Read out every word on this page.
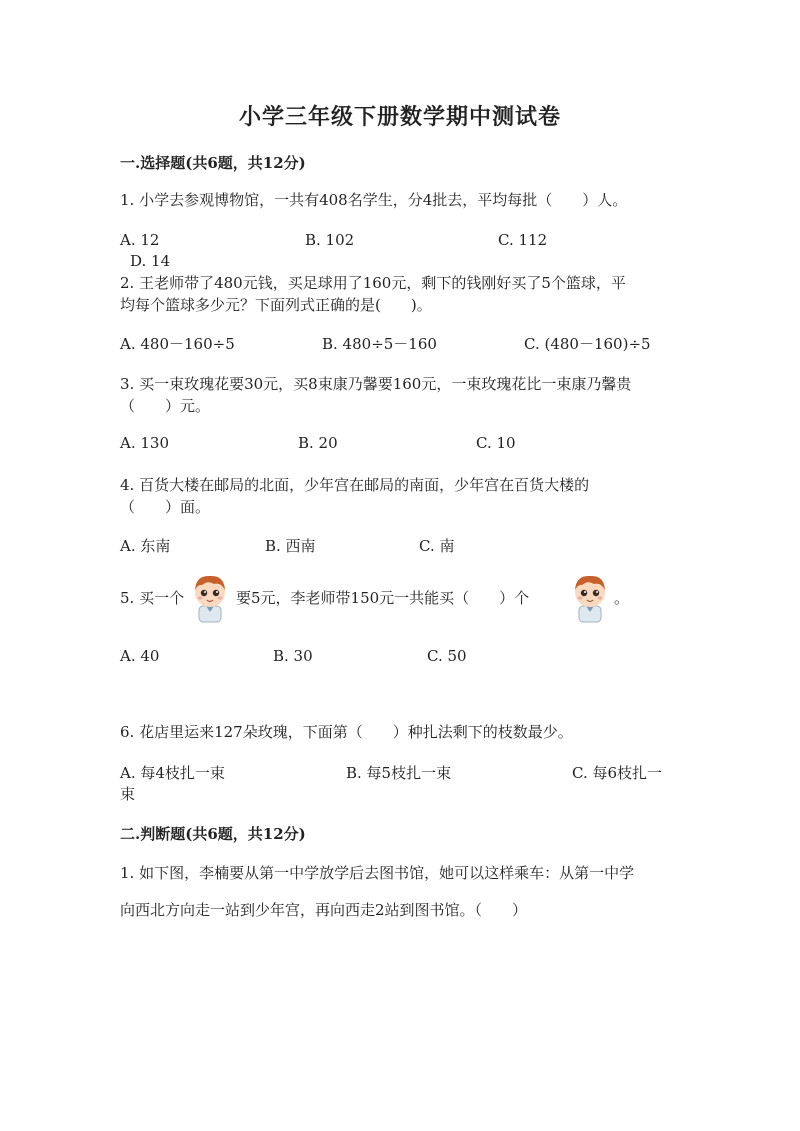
小学三年级下册数学期中测试卷
一.选择题(共6题，共12分)
1. 小学去参观博物馆，一共有408名学生，分4批去，平均每批（　　）人。
A. 12	B. 102	C. 112
D. 14
2. 王老师带了480元钱，买足球用了160元，剩下的钱刚好买了5个篮球，平
均每个篮球多少元？下面列式正确的是(　　)。
A. 480－160÷5	B. 480÷5－160	C. (480－160)÷5
3. 买一束玫瑰花要30元，买8束康乃馨要160元，一束玫瑰花比一束康乃馨贵
（　　）元。
A. 130	B. 20	C. 10
4. 百货大楼在邮局的北面，少年宫在邮局的南面，少年宫在百货大楼的
（　　）面。
A. 东南	B. 西南	C. 南
5. 买一个	要5元，李老师带150元一共能买（　　）个	。
A. 40	B. 30	C. 50
6. 花店里运来127朵玫瑰，下面第（　　）种扎法剩下的枝数最少。
A. 每4枝扎一束	B. 每5枝扎一束	C. 每6枝扎一
束
二.判断题(共6题，共12分)
1. 如下图，李楠要从第一中学放学后去图书馆，她可以这样乘车：从第一中学
向西北方向走一站到少年宫，再向西走2站到图书馆。（　　）
